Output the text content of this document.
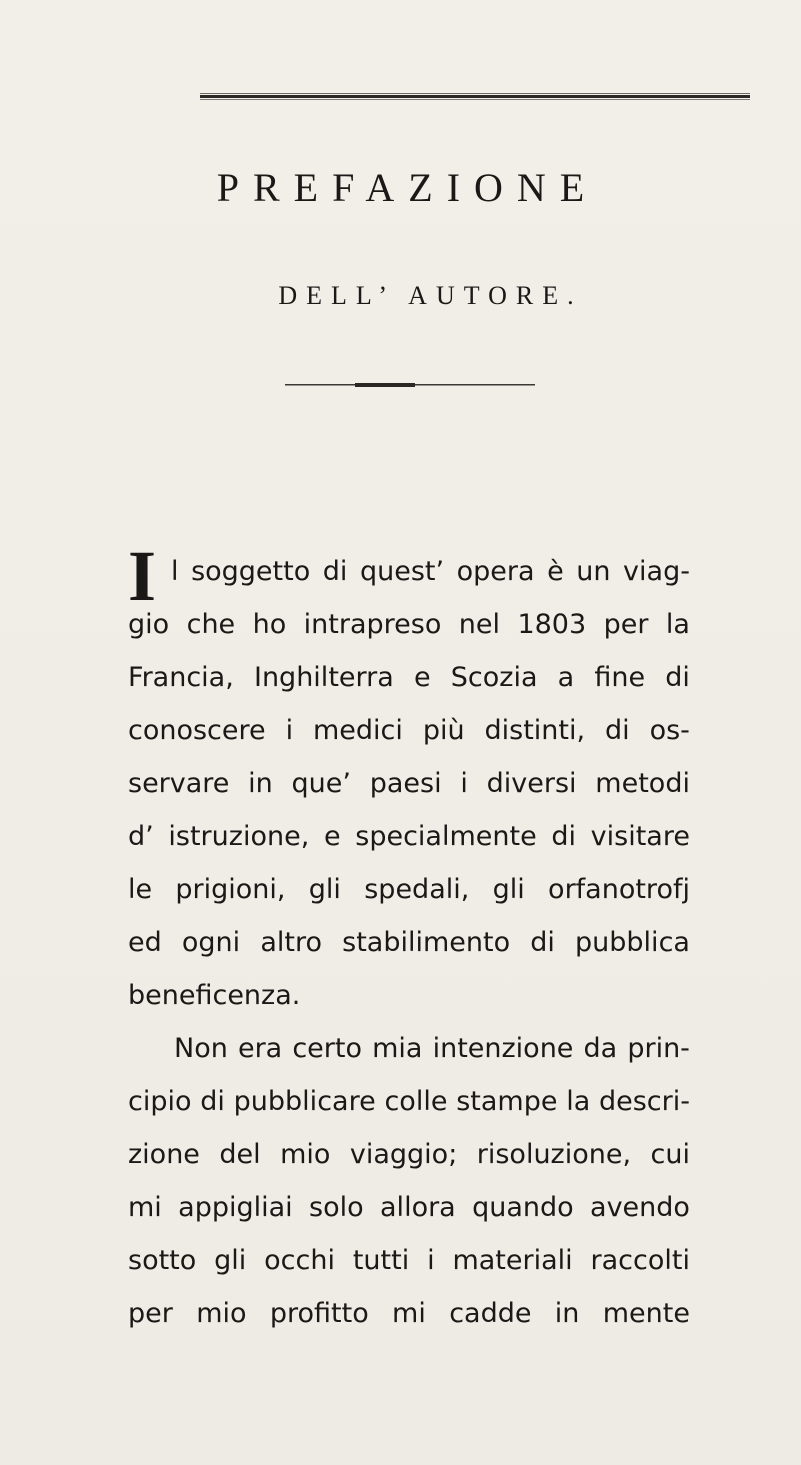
PREFAZIONE
DELL’ AUTORE.
I l soggetto di quest’ opera è un viag-
gio che ho intrapreso nel 1803 per la
Francia, Inghilterra e Scozia a fine di
conoscere i medici più distinti, di os-
servare in que’ paesi i diversi metodi
d’ istruzione, e specialmente di visitare
le prigioni, gli spedali, gli orfanotrofj
ed ogni altro stabilimento di pubblica
beneficenza.
Non era certo mia intenzione da prin-
cipio di pubblicare colle stampe la descri-
zione del mio viaggio; risoluzione, cui
mi appigliai solo allora quando avendo
sotto gli occhi tutti i materiali raccolti
per mio profitto mi cadde in mente
